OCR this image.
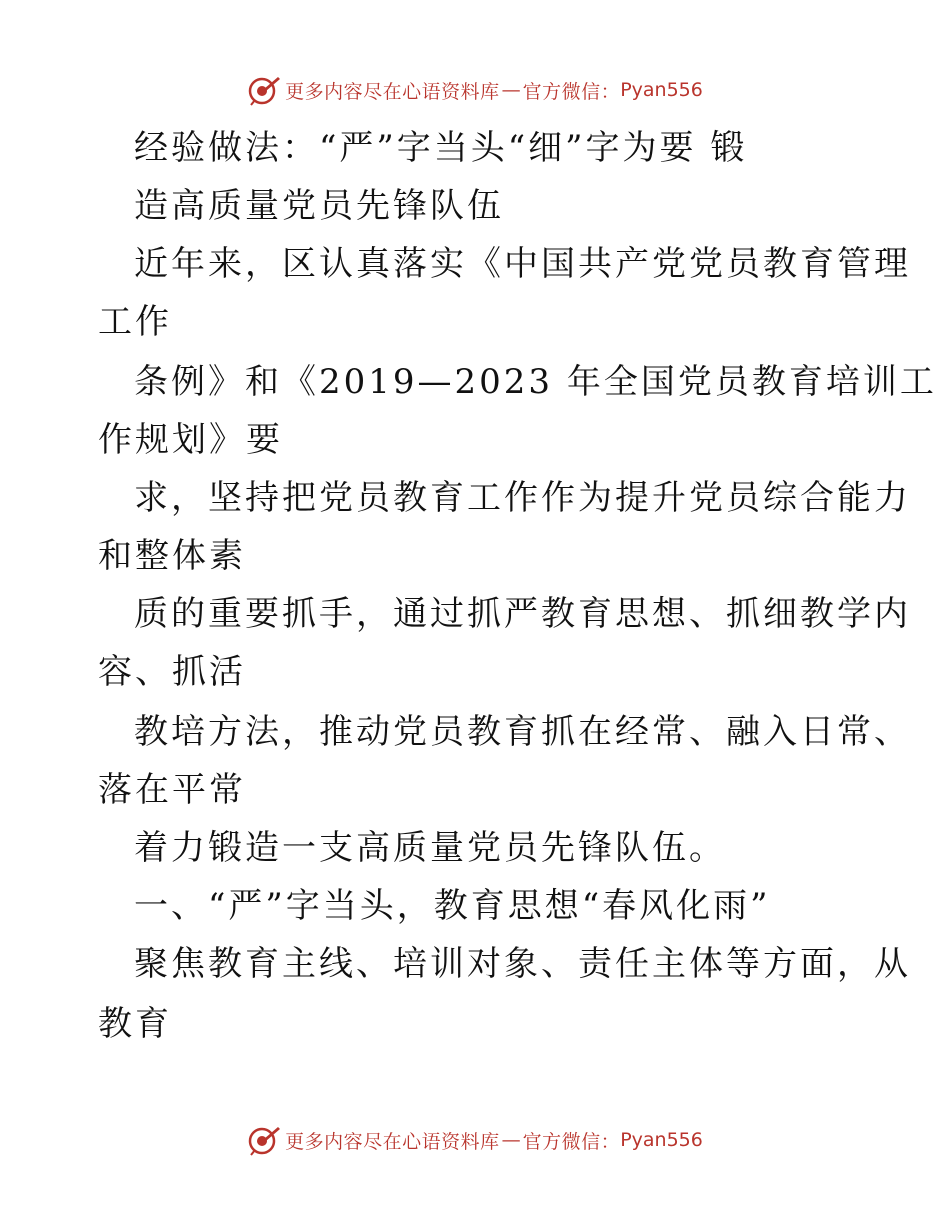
更多内容尽在心语资料库 — 官方微信： Pyan556
经验做法：“严”字当头“细”字为要 锻
造高质量党员先锋队伍
近年来，区认真落实《中国共产党党员教育管理
工作
条例》和《2019—2023 年全国党员教育培训工
作规划》要
求，坚持把党员教育工作作为提升党员综合能力
和整体素
质的重要抓手，通过抓严教育思想、抓细教学内
容、抓活
教培方法，推动党员教育抓在经常、融入日常、
落在平常
着力锻造一支高质量党员先锋队伍。
一、“严”字当头，教育思想“春风化雨”
聚焦教育主线、培训对象、责任主体等方面，从
教育
更多内容尽在心语资料库 — 官方微信： Pyan556
